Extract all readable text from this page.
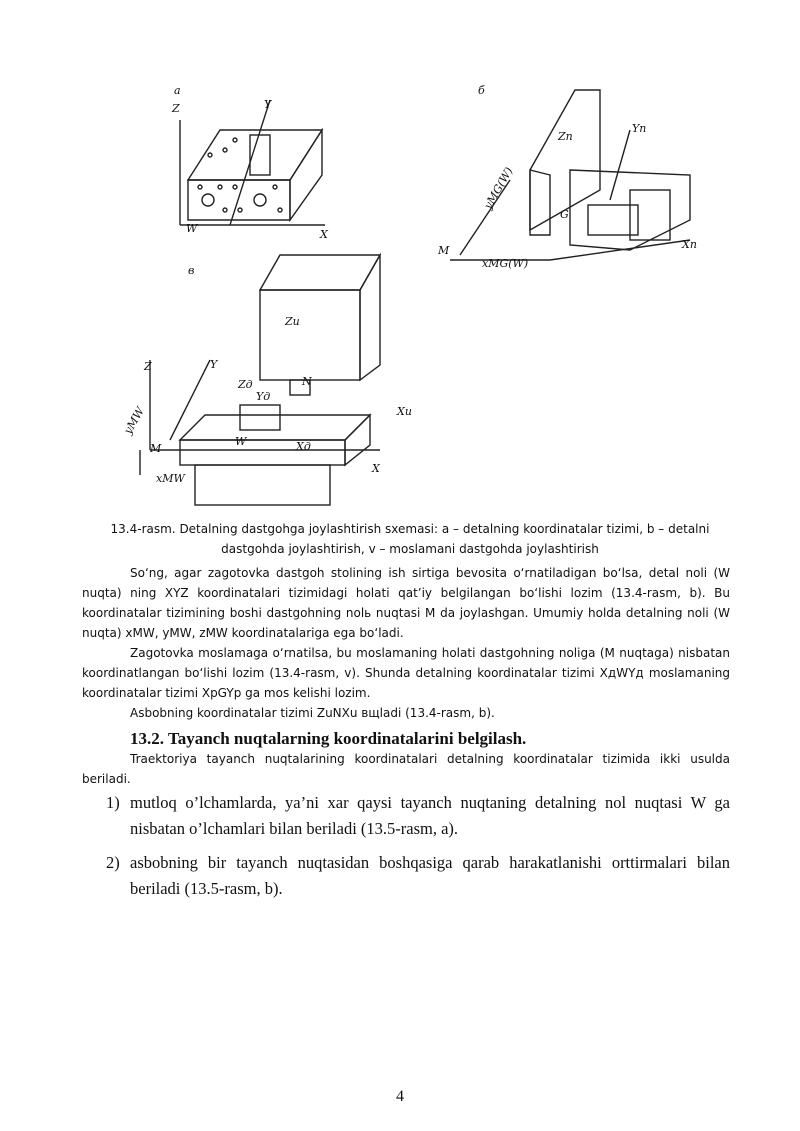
a
Z
X
Y
W
б
M
xMG(W)
G
yMG(W)
Xn
Yn
Zn
в
Z
X
Y
Zu
Xu
Zд
Yд
Xд
N
M
W
xMW
yMW
13.4-rasm. Detalning dastgohga joylashtirish sxemasi: a – detalning koordinatalar tizimi, b – detalni
dastgohda joylashtirish, v – moslamani dastgohda joylashtirish

So‘ng, agar zagotovka dastgoh stolining ish sirtiga bevosita o‘rnatiladigan bo‘lsa, detal noli (W nuqta) ning XYZ koordinatalari tizimidagi holati qat’iy belgilangan bo‘lishi lozim (13.4-rasm, b). Bu koordinatalar tizimining boshi dastgohning nolь nuqtasi M da joylashgan. Umumiy holda detalning noli (W nuqta) xMW, yMW, zMW koordinatalariga ega bo‘ladi.

Zagotovka moslamaga o‘rnatilsa, bu moslamaning holati dastgohning noliga (M nuqtaga) nisbatan koordinatlangan bo‘lishi lozim (13.4-rasm, v). Shunda detalning koordinatalar tizimi XдWYд moslamaning koordinatalar tizimi XpGYp ga mos kelishi lozim.

Asbobning koordinatalar tizimi ZuNXu вщladi (13.4-rasm, b).

13.2. Tayanch nuqtalarning koordinatalarini belgilash.

Traektoriya tayanch nuqtalarining koordinatalari detalning koordinatalar tizimida ikki usulda beriladi.

1) mutloq o’lchamlarda, ya’ni xar qaysi tayanch nuqtaning detalning nol nuqtasi W ga nisbatan o’lchamlari bilan beriladi (13.5-rasm, a).
2) asbobning bir tayanch nuqtasidan boshqasiga qarab harakatlanishi orttirmalari bilan beriladi (13.5-rasm, b).
4
